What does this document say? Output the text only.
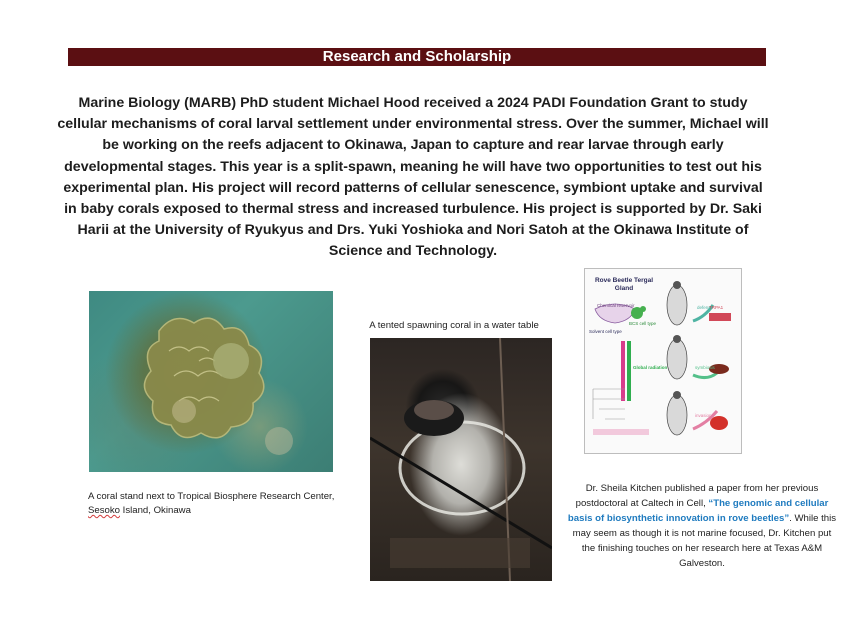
Research and Scholarship
Marine Biology (MARB) PhD student Michael Hood received a 2024 PADI Foundation Grant to study cellular mechanisms of coral larval settlement under environmental stress. Over the summer, Michael will be working on the reefs adjacent to Okinawa, Japan to capture and rear larvae through early developmental stages. This year is a split-spawn, meaning he will have two opportunities to test out his experimental plan. His project will record patterns of cellular senescence, symbiont uptake and survival in baby corals exposed to thermal stress and increased turbulence. His project is supported by Dr. Saki Harii at the University of Ryukyus and Drs. Yuki Yoshioka and Nori Satoh at the Okinawa Institute of Science and Technology.
A coral stand next to Tropical Biosphere Research Center, Sesoko Island, Okinawa
A tented spawning coral in a water table
Rove Beetle Tergal Gland
Chemical reservoir
BCS cell type
Solvent cell type
Global radiation
defense
symbiosis
invasion
TRPA1
Dr. Sheila Kitchen published a paper from her previous postdoctoral at Caltech in Cell, “The genomic and cellular basis of biosynthetic innovation in rove beetles”. While this may seem as though it is not marine focused, Dr. Kitchen put the finishing touches on her research here at Texas A&M Galveston.
